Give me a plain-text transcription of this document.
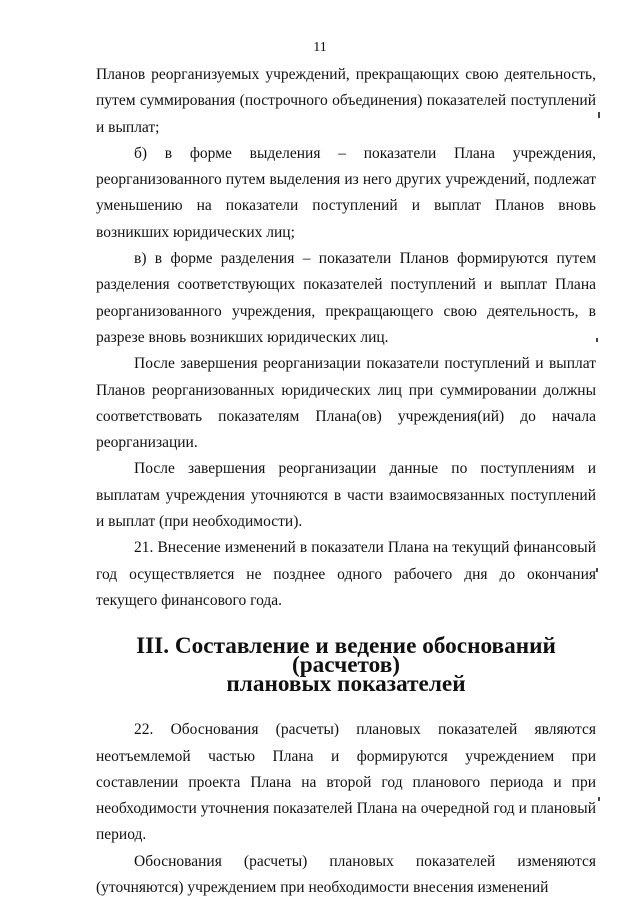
11

Планов реорганизуемых учреждений, прекращающих свою деятельность, путем суммирования (построчного объединения) показателей поступлений и выплат;

б) в форме выделения – показатели Плана учреждения, реорганизованного путем выделения из него других учреждений, подлежат уменьшению на показатели поступлений и выплат Планов вновь возникших юридических лиц;

в) в форме разделения – показатели Планов формируются путем разделения соответствующих показателей поступлений и выплат Плана реорганизованного учреждения, прекращающего свою деятельность, в разрезе вновь возникших юридических лиц.

После завершения реорганизации показатели поступлений и выплат Планов реорганизованных юридических лиц при суммировании должны соответствовать показателям Плана(ов) учреждения(ий) до начала реорганизации.

После завершения реорганизации данные по поступлениям и выплатам учреждения уточняются в части взаимосвязанных поступлений и выплат (при необходимости).

21. Внесение изменений в показатели Плана на текущий финансовый год осуществляется не позднее одного рабочего дня до окончания текущего финансового года.

III. Составление и ведение обоснований (расчетов)
плановых показателей

22. Обоснования (расчеты) плановых показателей являются неотъемлемой частью Плана и формируются учреждением при составлении проекта Плана на второй год планового периода и при необходимости уточнения показателей Плана на очередной год и плановый период.

Обоснования (расчеты) плановых показателей изменяются (уточняются) учреждением при необходимости внесения изменений
